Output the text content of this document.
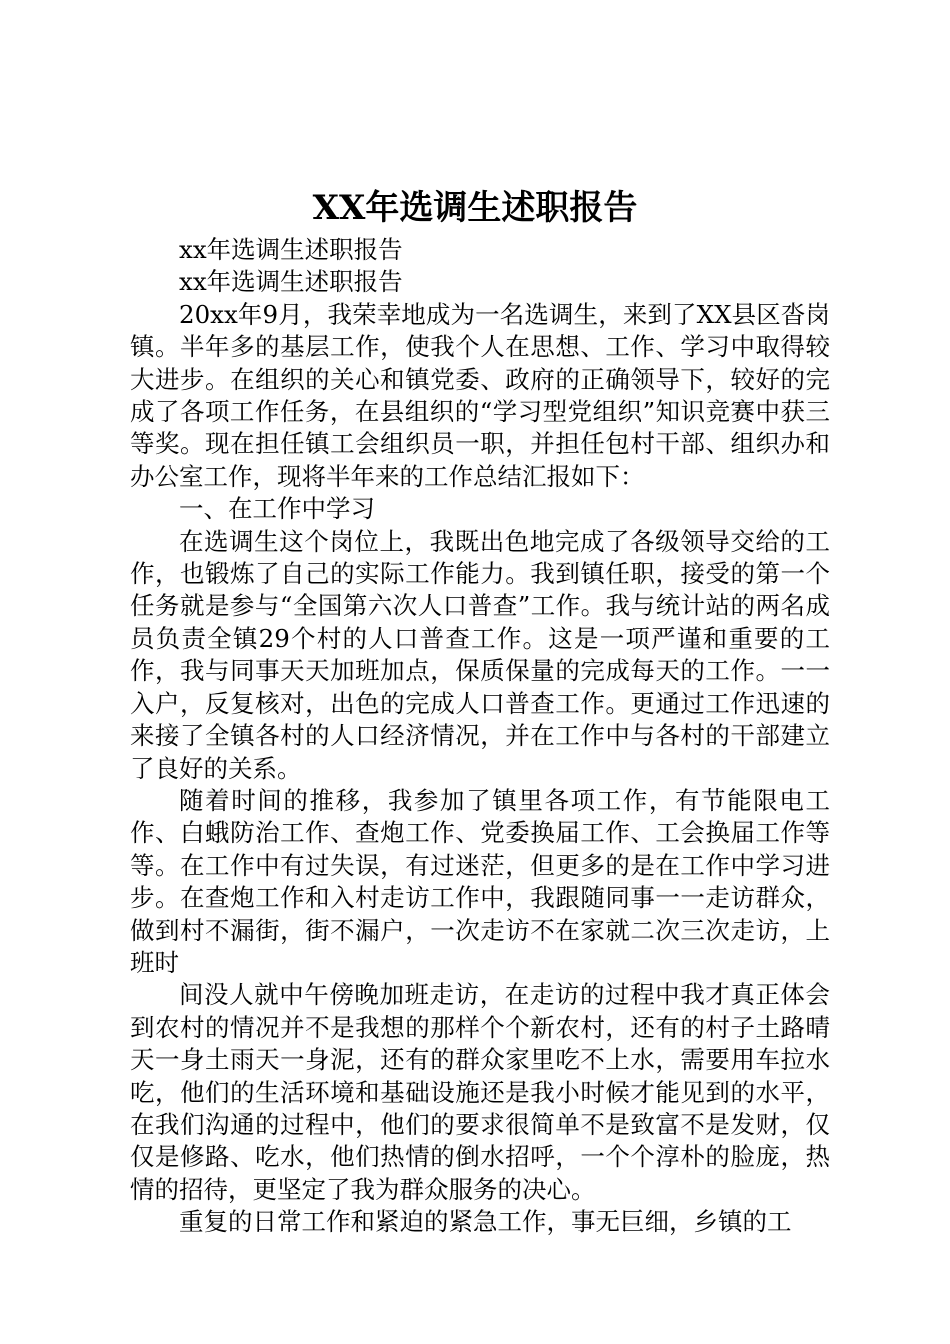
XX年选调生述职报告

xx年选调生述职报告

xx年选调生述职报告

20xx年9月，我荣幸地成为一名选调生，来到了XX县区沓岗镇。半年多的基层工作，使我个人在思想、工作、学习中取得较大进步。在组织的关心和镇党委、政府的正确领导下，较好的完成了各项工作任务，在县组织的“学习型党组织”知识竞赛中获三等奖。现在担任镇工会组织员一职，并担任包村干部、组织办和办公室工作，现将半年来的工作总结汇报如下：

一、在工作中学习

在选调生这个岗位上，我既出色地完成了各级领导交给的工作，也锻炼了自己的实际工作能力。我到镇任职，接受的第一个任务就是参与“全国第六次人口普查”工作。我与统计站的两名成员负责全镇29个村的人口普查工作。这是一项严谨和重要的工作，我与同事天天加班加点，保质保量的完成每天的工作。一一入户，反复核对，出色的完成人口普查工作。更通过工作迅速的来接了全镇各村的人口经济情况，并在工作中与各村的干部建立了良好的关系。

随着时间的推移，我参加了镇里各项工作，有节能限电工作、白蛾防治工作、查炮工作、党委换届工作、工会换届工作等等。在工作中有过失误，有过迷茫，但更多的是在工作中学习进步。在查炮工作和入村走访工作中，我跟随同事一一走访群众，做到村不漏街，街不漏户，一次走访不在家就二次三次走访，上班时

间没人就中午傍晚加班走访，在走访的过程中我才真正体会到农村的情况并不是我想的那样个个新农村，还有的村子土路晴天一身土雨天一身泥，还有的群众家里吃不上水，需要用车拉水吃，他们的生活环境和基础设施还是我小时候才能见到的水平，在我们沟通的过程中，他们的要求很简单不是致富不是发财，仅仅是修路、吃水，他们热情的倒水招呼，一个个淳朴的脸庞，热情的招待，更坚定了我为群众服务的决心。

重复的日常工作和紧迫的紧急工作，事无巨细，乡镇的工
